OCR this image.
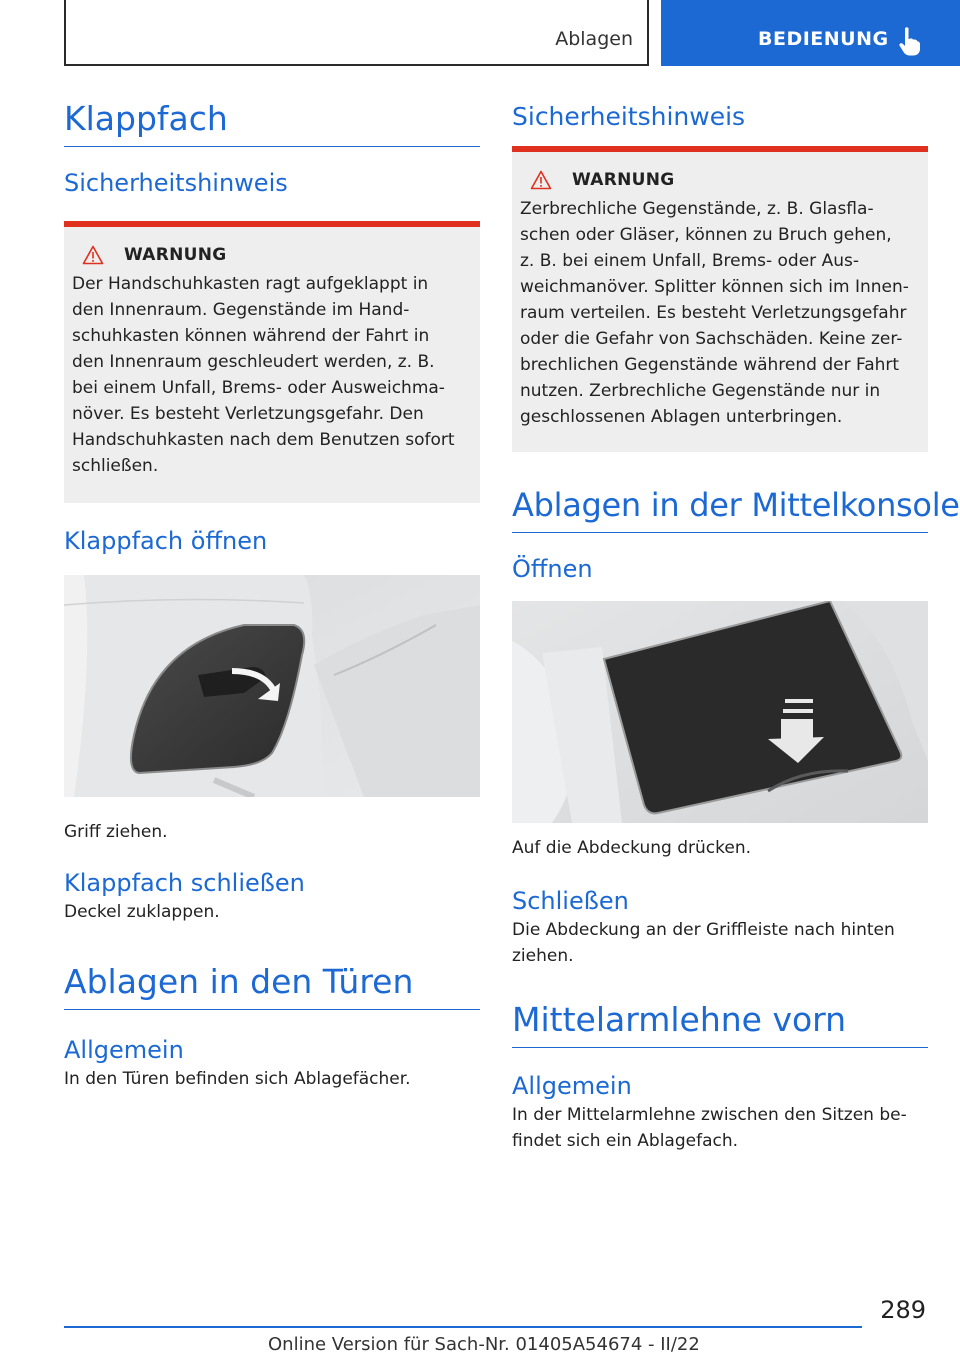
Ablagen	BEDIENUNG
Klappfach
Sicherheitshinweis
WARNUNG
Der Handschuhkasten ragt aufgeklappt in
den Innenraum. Gegenstände im Hand-
schuhkasten können während der Fahrt in
den Innenraum geschleudert werden, z. B.
bei einem Unfall, Brems- oder Ausweichma-
növer. Es besteht Verletzungsgefahr. Den
Handschuhkasten nach dem Benutzen sofort
schließen.
Klappfach öffnen
Griff ziehen.
Klappfach schließen
Deckel zuklappen.
Ablagen in den Türen
Allgemein
In den Türen befinden sich Ablagefächer.
Sicherheitshinweis
WARNUNG
Zerbrechliche Gegenstände, z. B. Glasfla-
schen oder Gläser, können zu Bruch gehen,
z. B. bei einem Unfall, Brems- oder Aus-
weichmanöver. Splitter können sich im Innen-
raum verteilen. Es besteht Verletzungsgefahr
oder die Gefahr von Sachschäden. Keine zer-
brechlichen Gegenstände während der Fahrt
nutzen. Zerbrechliche Gegenstände nur in
geschlossenen Ablagen unterbringen.
Ablagen in der Mittelkonsole
Öffnen
Auf die Abdeckung drücken.
Schließen
Die Abdeckung an der Griffleiste nach hinten
ziehen.
Mittelarmlehne vorn
Allgemein
In der Mittelarmlehne zwischen den Sitzen be-
findet sich ein Ablagefach.
289
Online Version für Sach-Nr. 01405A54674 - II/22
